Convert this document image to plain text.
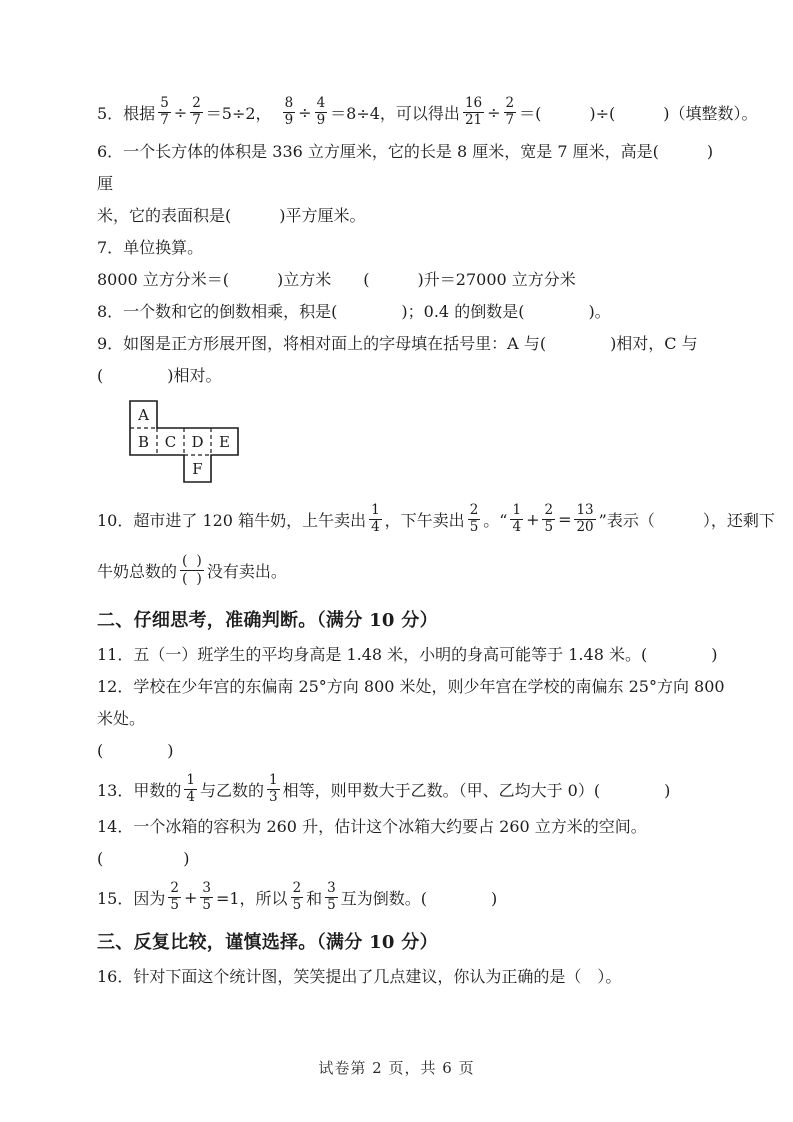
5．根据 $\frac{5}{7} \div \frac{2}{7} =5\div 2$，　 $\frac{8}{9} \div \frac{4}{9} =8\div 4$，可以得出 $\frac{16}{21} \div \frac{2}{7}$ ＝(　　　)÷(　　　)（填整数）。
6．一个长方体的体积是 336 立方厘米，它的长是 8 厘米，宽是 7 厘米，高是(　　　)厘
米，它的表面积是(　　　)平方厘米。
7．单位换算。
8000 立方分米＝(　　　)立方米　　(　　　)升＝27000 立方分米
8．一个数和它的倒数相乘，积是(　　　　)；0.4 的倒数是(　　　　)。
9．如图是正方形展开图，将相对面上的字母填在括号里：A 与(　　　　)相对，C 与
(　　　　)相对。
A
B C D E
F
10．超市进了 120 箱牛奶，上午卖出 $\frac{1}{4}$ ，下午卖出 $\frac{2}{5}$ 。“ $\frac{1}{4} + \frac{2}{5} = \frac{13}{20}$ ”表示（　　　），还剩下
牛奶总数的 $\frac{( )}{( )}$ 没有卖出。
二、仔细思考，准确判断。（满分 10 分）
11．五（一）班学生的平均身高是 1.48 米，小明的身高可能等于 1.48 米。(　　　　)
12．学校在少年宫的东偏南 25°方向 800 米处，则少年宫在学校的南偏东 25°方向 800 米处。
(　　　　)
13．甲数的 $\frac{1}{4}$ 与乙数的 $\frac{1}{3}$ 相等，则甲数大于乙数。（甲、乙均大于 0）(　　　　)
14．一个冰箱的容积为 260 升，估计这个冰箱大约要占 260 立方米的空间。(　　　　　)
15．因为 $\frac{2}{5} + \frac{3}{5} =1$，所以 $\frac{2}{5}$ 和 $\frac{3}{5}$ 互为倒数。(　　　　)
三、反复比较，谨慎选择。（满分 10 分）
16．针对下面这个统计图，笑笑提出了几点建议，你认为正确的是（　）。
试卷第 2 页，共 6 页
